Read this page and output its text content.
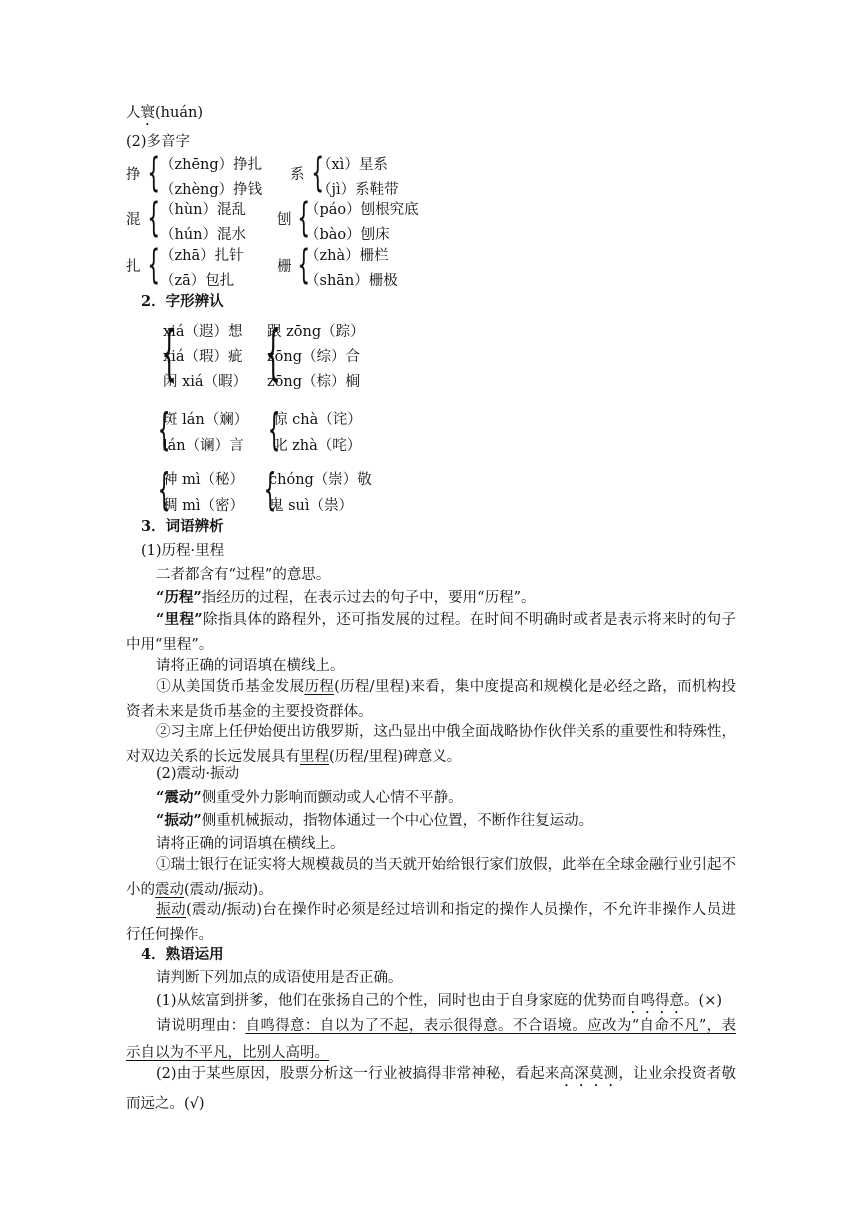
人寰(huán)
(2)多音字
挣 { （zhēng）挣扎
（zhèng）挣钱
系 {
（xì）星系
（jì）系鞋带
混 { （hùn）混乱
（hún）混水
刨 {
（páo）刨根究底
（bào）刨床
扎 { （zhā）扎针
（zā）包扎
栅 {
（zhà）栅栏
（shān）栅极
2．字形辨认
{
xiá（遐）想
xiá（瑕）疵
闲 xiá（暇） {
跟 zōng（踪）
zōng（综）合
zōng（棕）榈
{
斑 lán（斓）
lán（谰）言 {
惊 chà（诧）
叱 zhà（咤）
{
神 mì（秘）
稠 mì（密） {
chóng（崇）敬
鬼 suì（祟）
3．词语辨析
(1)历程·里程
二者都含有“过程”的意思。
“历程”指经历的过程，在表示过去的句子中，要用“历程”。
“里程”除指具体的路程外，还可指发展的过程。在时间不明确时或者是表示将来时的句子中用“里程”。
请将正确的词语填在横线上。
①从美国货币基金发展历程(历程/里程)来看，集中度提高和规模化是必经之路，而机构投资者未来是货币基金的主要投资群体。
②习主席上任伊始便出访俄罗斯，这凸显出中俄全面战略协作伙伴关系的重要性和特殊性，对双边关系的长远发展具有里程(历程/里程)碑意义。
(2)震动·振动
“震动”侧重受外力影响而颤动或人心情不平静。
“振动”侧重机械振动，指物体通过一个中心位置，不断作往复运动。
请将正确的词语填在横线上。
①瑞士银行在证实将大规模裁员的当天就开始给银行家们放假，此举在全球金融行业引起不小的震动(震动/振动)。
振动(震动/振动)台在操作时必须是经过培训和指定的操作人员操作，不允许非操作人员进行任何操作。
4．熟语运用
请判断下列加点的成语使用是否正确。
(1)从炫富到拼爹，他们在张扬自己的个性，同时也由于自身家庭的优势而自鸣得意。(×)
请说明理由：自鸣得意：自以为了不起，表示很得意。不合语境。应改为“自命不凡”，表示自以为不平凡，比别人高明。
(2)由于某些原因，股票分析这一行业被搞得非常神秘，看起来高深莫测，让业余投资者敬而远之。(√)
